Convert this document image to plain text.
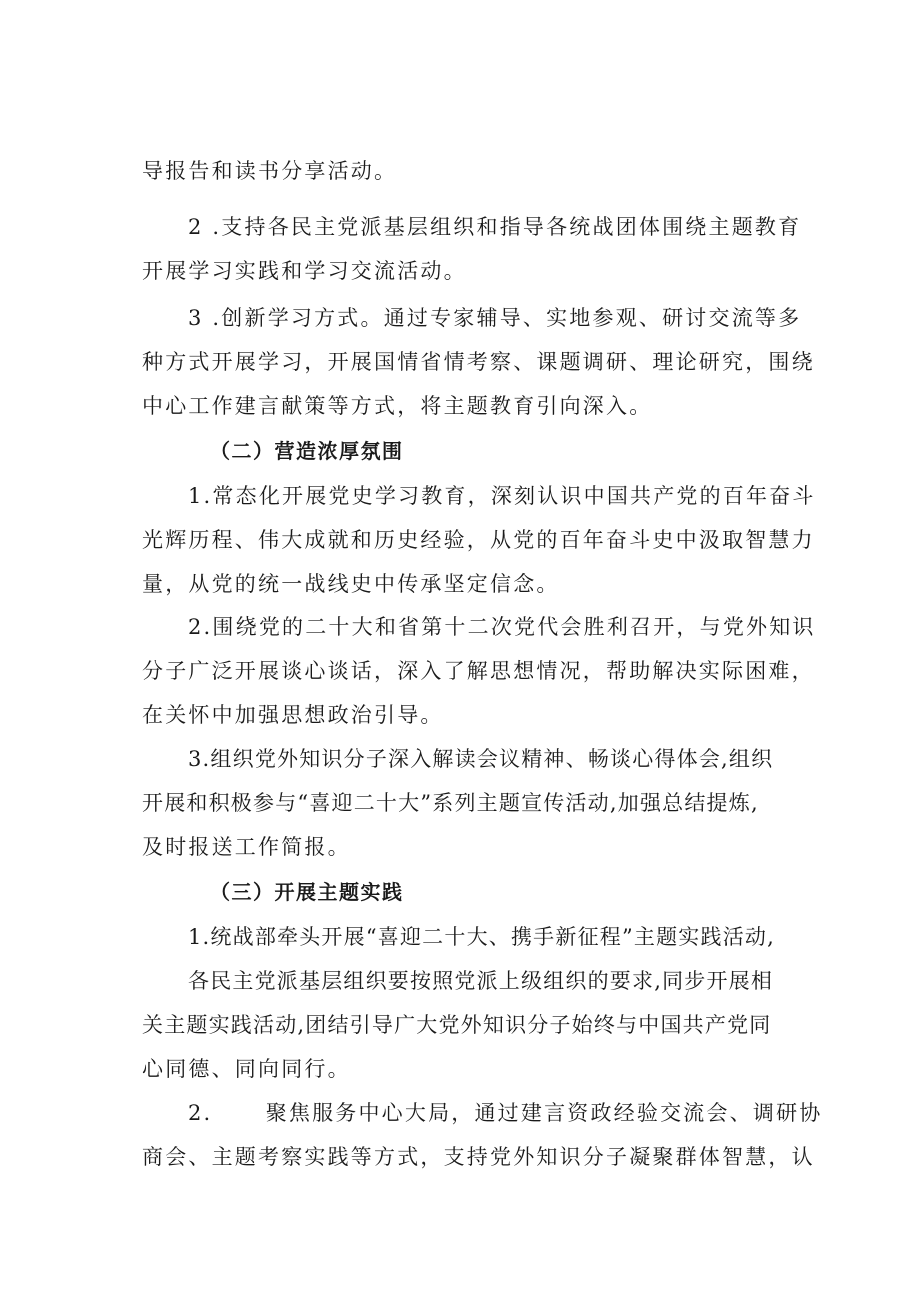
导报告和读书分享活动。
2 .支持各民主党派基层组织和指导各统战团体围绕主题教育
开展学习实践和学习交流活动。
3 .创新学习方式。通过专家辅导、实地参观、研讨交流等多
种方式开展学习，开展国情省情考察、课题调研、理论研究，围绕
中心工作建言献策等方式，将主题教育引向深入。
（二）营造浓厚氛围
1.常态化开展党史学习教育，深刻认识中国共产党的百年奋斗
光辉历程、伟大成就和历史经验，从党的百年奋斗史中汲取智慧力
量，从党的统一战线史中传承坚定信念。
2.围绕党的二十大和省第十二次党代会胜利召开，与党外知识
分子广泛开展谈心谈话，深入了解思想情况，帮助解决实际困难，
在关怀中加强思想政治引导。
3.组织党外知识分子深入解读会议精神、畅谈心得体会,组织
开展和积极参与“喜迎二十大”系列主题宣传活动,加强总结提炼,
及时报送工作简报。
（三）开展主题实践
1.统战部牵头开展“喜迎二十大、携手新征程”主题实践活动,
各民主党派基层组织要按照党派上级组织的要求,同步开展相
关主题实践活动,团结引导广大党外知识分子始终与中国共产党同
心同德、同向同行。
2.      聚焦服务中心大局，通过建言资政经验交流会、调研协
商会、主题考察实践等方式，支持党外知识分子凝聚群体智慧，认
